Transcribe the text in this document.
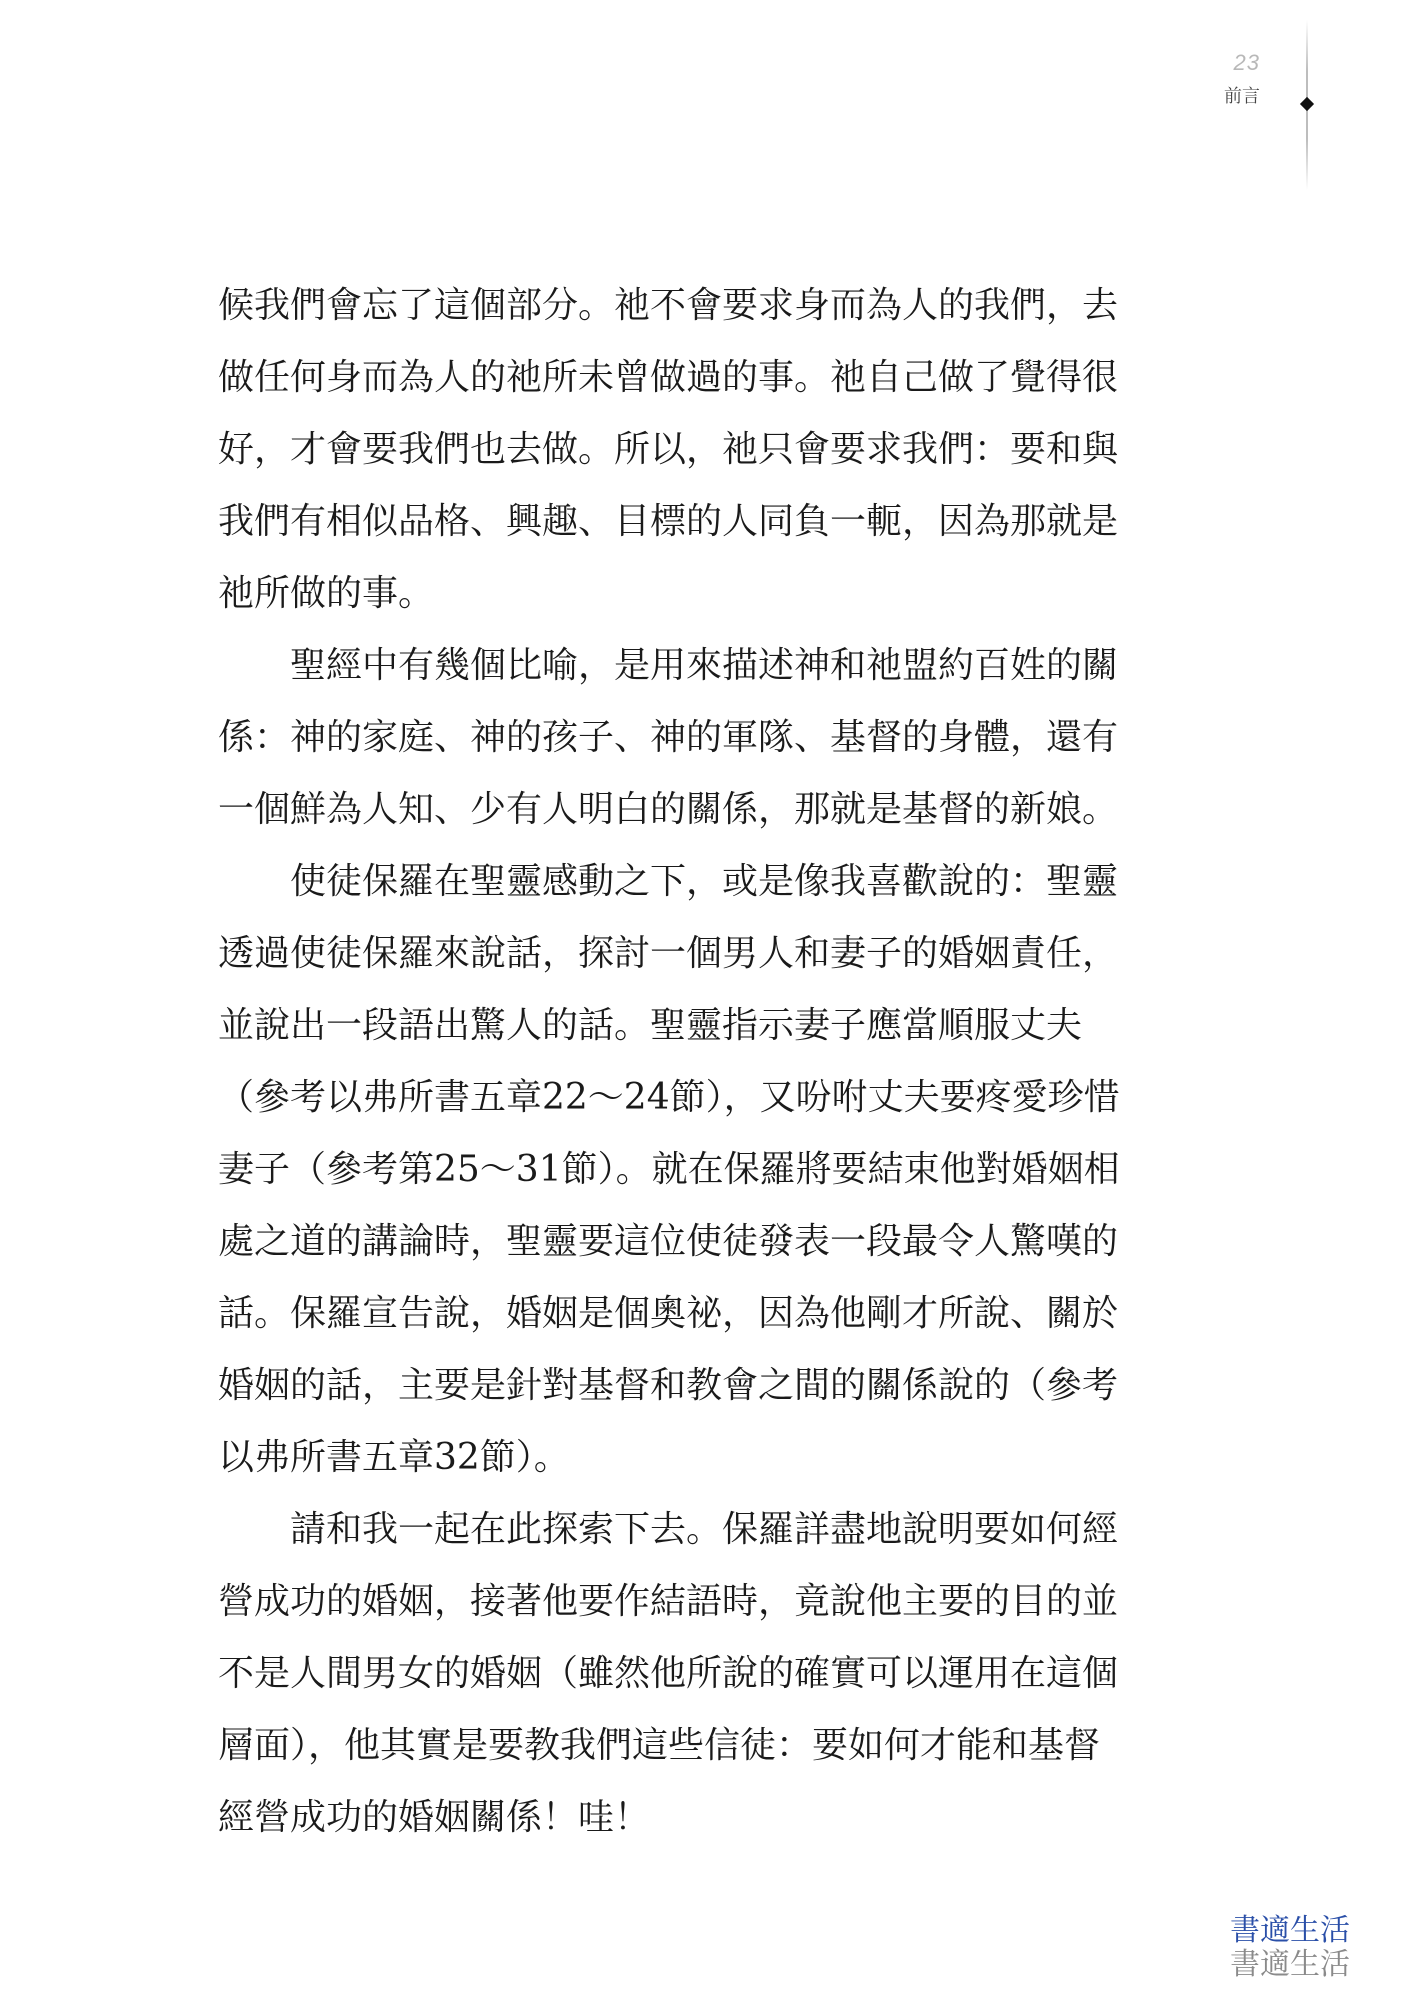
23
前言
候我們會忘了這個部分。祂不會要求身而為人的我們，去
做任何身而為人的祂所未曾做過的事。祂自己做了覺得很
好，才會要我們也去做。所以，祂只會要求我們：要和與
我們有相似品格、興趣、目標的人同負一軛，因為那就是
祂所做的事。
　　聖經中有幾個比喻，是用來描述神和祂盟約百姓的關
係：神的家庭、神的孩子、神的軍隊、基督的身體，還有
一個鮮為人知、少有人明白的關係，那就是基督的新娘。
　　使徒保羅在聖靈感動之下，或是像我喜歡說的：聖靈
透過使徒保羅來說話，探討一個男人和妻子的婚姻責任，
並說出一段語出驚人的話。聖靈指示妻子應當順服丈夫
（參考以弗所書五章22～24節），又吩咐丈夫要疼愛珍惜
妻子（參考第25～31節）。就在保羅將要結束他對婚姻相
處之道的講論時，聖靈要這位使徒發表一段最令人驚嘆的
話。保羅宣告說，婚姻是個奧祕，因為他剛才所說、關於
婚姻的話，主要是針對基督和教會之間的關係說的（參考
以弗所書五章32節）。
　　請和我一起在此探索下去。保羅詳盡地說明要如何經
營成功的婚姻，接著他要作結語時，竟說他主要的目的並
不是人間男女的婚姻（雖然他所說的確實可以運用在這個
層面），他其實是要教我們這些信徒：要如何才能和基督
經營成功的婚姻關係！哇！
書適生活
書適生活
